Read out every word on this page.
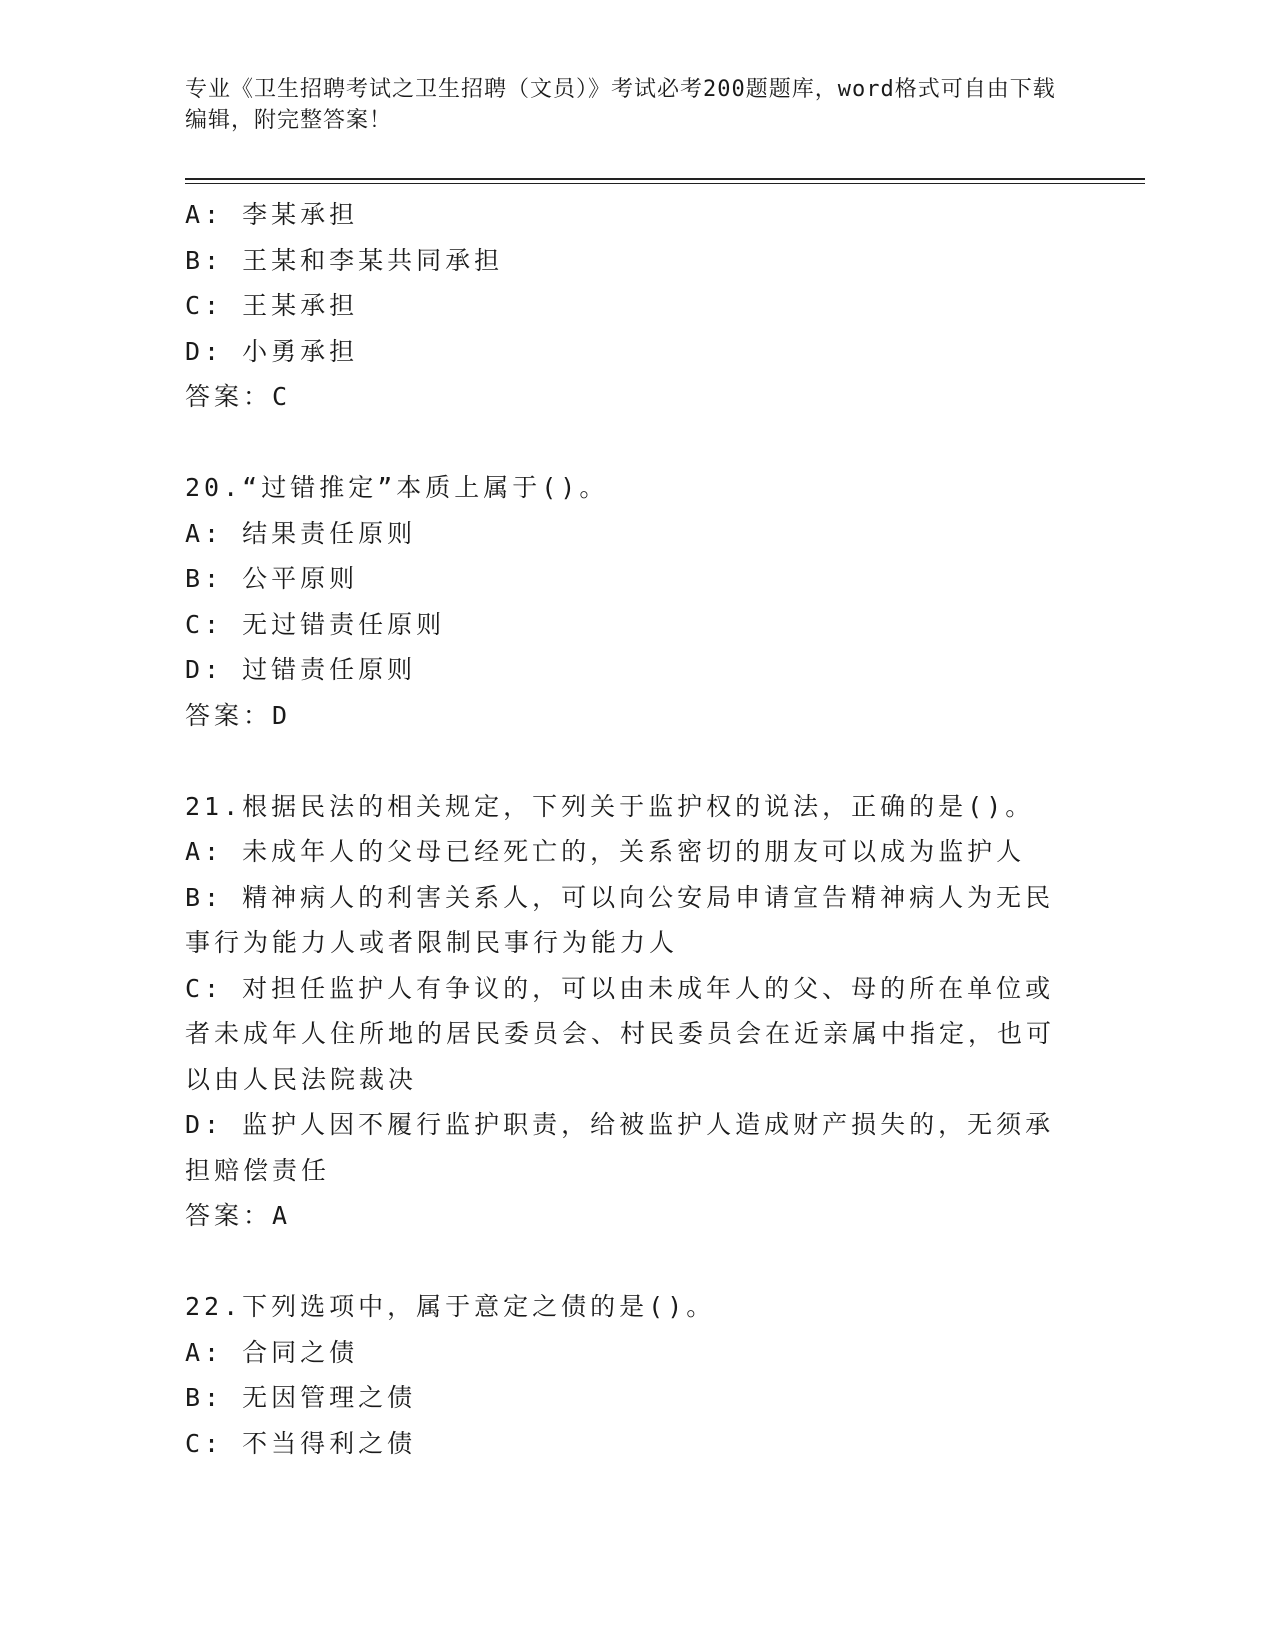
专业《卫生招聘考试之卫生招聘（文员）》考试必考200题题库，word格式可自由下载编辑，附完整答案！
A: 李某承担
B: 王某和李某共同承担
C: 王某承担
D: 小勇承担
答案：C
20.“过错推定”本质上属于()。
A: 结果责任原则
B: 公平原则
C: 无过错责任原则
D: 过错责任原则
答案：D
21.根据民法的相关规定，下列关于监护权的说法，正确的是()。
A: 未成年人的父母已经死亡的，关系密切的朋友可以成为监护人
B: 精神病人的利害关系人，可以向公安局申请宣告精神病人为无民事行为能力人或者限制民事行为能力人
C: 对担任监护人有争议的，可以由未成年人的父、母的所在单位或者未成年人住所地的居民委员会、村民委员会在近亲属中指定，也可以由人民法院裁决
D: 监护人因不履行监护职责，给被监护人造成财产损失的，无须承担赔偿责任
答案：A
22.下列选项中，属于意定之债的是()。
A: 合同之债
B: 无因管理之债
C: 不当得利之债
